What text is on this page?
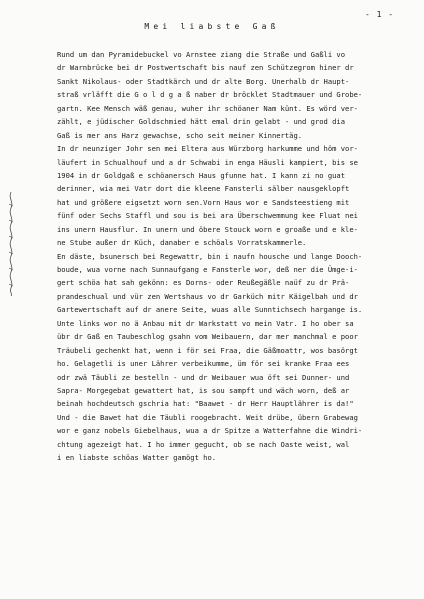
- 1 -
Mei liabste Gaß
Rund um dan Pyramidebuckel vo Arnstee ziang die Straße und Gaßli vo
dr Warnbrücke bei dr Postwertschaft bis nauf zen Schützegrom hiner dr
Sankt Nikolaus- oder Stadtkärch und dr alte Borg. Unerhalb dr Haupt-
straß vrläfft die G o l d g a ß naber dr bröcklet Stadtmauer und Grobe-
gartn. Kee Mensch wäß genau, wuher ihr schöaner Nam künt. Es wörd ver-
zählt, e jüdischer Goldschmied hätt emal drin gelabt - und grod dia
Gaß is mer ans Harz gewachse, scho seit meiner Kinnertäg.
In dr neunziger Johr sen mei Eltera aus Würzborg harkumme und höm vor-
läufert in Schualhouf und a dr Schwabi in enga Häusli kampiert, bis se
1904 in dr Goldgaß e schöanersch Haus gfunne hat. I kann zi no guat
derinner, wia mei Vatr dort die kleene Fansterli sälber nausgeklopft
hat und größere eigsetzt worn sen.Vorn Haus wor e Sandsteestieng mit
fünf oder Sechs Staffl und sou is bei ara Überschwemmung kee Fluat nei
ins unern Hausflur. In unern und öbere Stouck worn e groaße und e kle-
ne Stube außer dr Küch, danaber e schöals Vorratskammerle.
En däste, bsunersch bei Regewattr, bin i naufn housche und lange Dooch-
boude, wua vorne nach Sunnaufgang e Fansterle wor, deß ner die Ümge-i-
gert schöa hat sah gekönn: es Dorns- oder Reußegäßle naüf zu dr Prä-
prandeschual und vür zen Wertshaus vo dr Garküch mitr Käigelbah und dr
Gartewertschaft auf dr anere Seite, wuas alle Sunntichsech hargange is.
Unte links wor no ä Anbau mit dr Warkstatt vo mein Vatr. I ho ober sa
übr dr Gaß en Taubeschlog gsahn vom Weibauern, dar mer manchmal e poor
Träubeli gechenkt hat, wenn i för sei Fraa, die Gäßmoattr, wos basörgt
ho. Gelagetli is uner Lährer verbeikumme, üm för sei kranke Fraa ees
odr zwä Täubli ze bestelln - und dr Weibauer wua öft sei Dunner- und
Sapra- Morgegebat gewattert hat, is sou sampft und wäch worn, deß ar
beinah hochdeutsch gschria hat: "Baawet - dr Herr Hauptlährer is da!"
Und - die Bawet hat die Täubli roogebracht. Weit drübe, übern Grabewag
wor e ganz nobels Giebelhaus, wua a dr Spitze a Watterfahne die Windri-
chtung agezeigt hat. I ho immer gegucht, ob se nach Oaste weist, wal
i en liabste schöas Watter gamögt ho.
